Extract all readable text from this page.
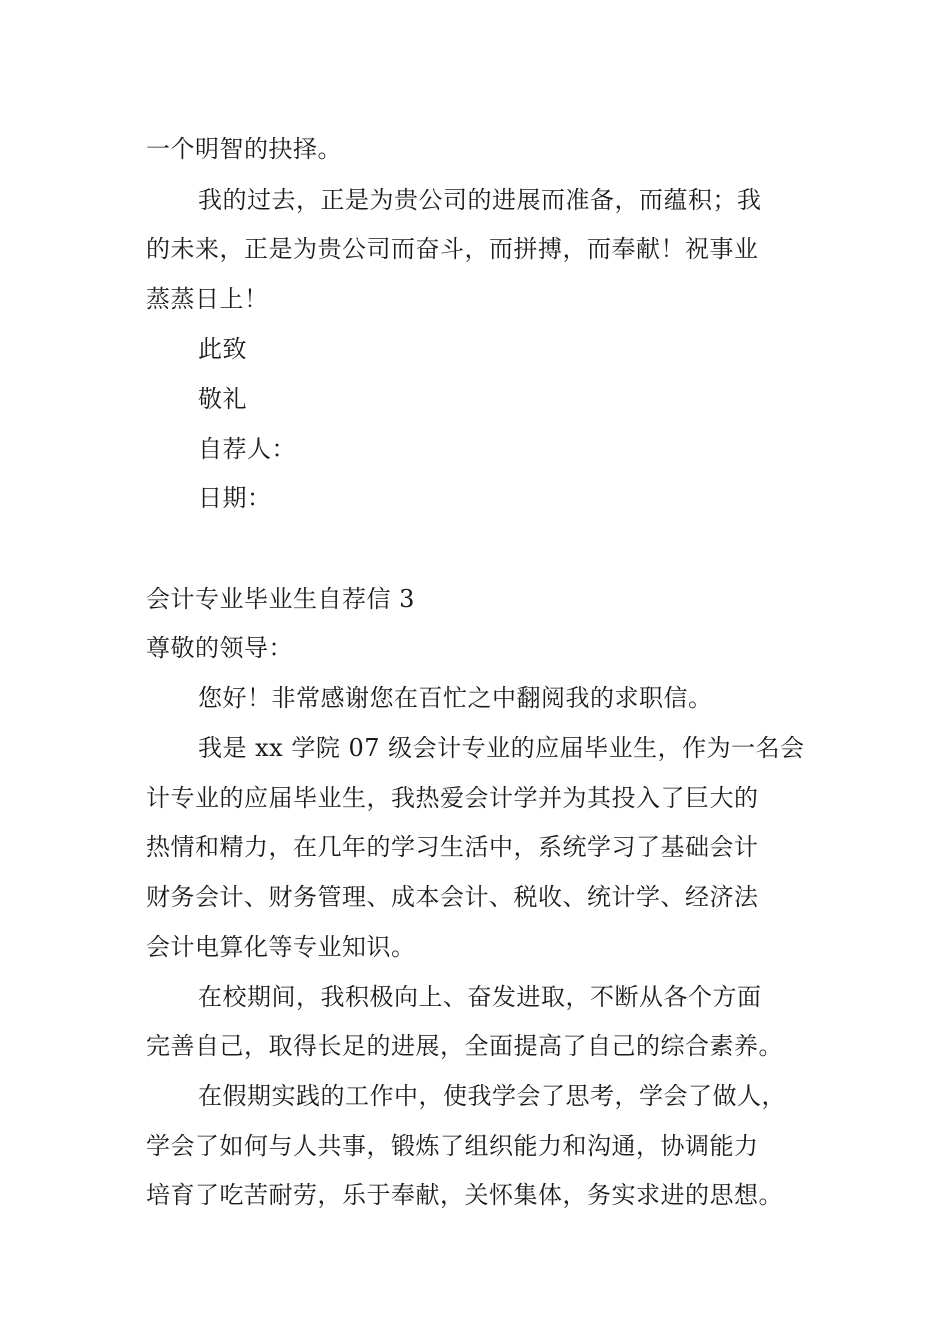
一个明智的抉择。
我的过去，正是为贵公司的进展而准备，而蕴积；我
的未来，正是为贵公司而奋斗，而拼搏，而奉献！祝事业
蒸蒸日上！
此致
敬礼
自荐人：
日期：
会计专业毕业生自荐信 3
尊敬的领导：
您好！非常感谢您在百忙之中翻阅我的求职信。
我是 xx 学院 07 级会计专业的应届毕业生，作为一名会
计专业的应届毕业生，我热爱会计学并为其投入了巨大的
热情和精力，在几年的学习生活中，系统学习了基础会计
财务会计、财务管理、成本会计、税收、统计学、经济法
会计电算化等专业知识。
在校期间，我积极向上、奋发进取，不断从各个方面
完善自己，取得长足的进展，全面提高了自己的综合素养。
在假期实践的工作中，使我学会了思考，学会了做人，
学会了如何与人共事，锻炼了组织能力和沟通，协调能力
培育了吃苦耐劳，乐于奉献，关怀集体，务实求进的思想。
